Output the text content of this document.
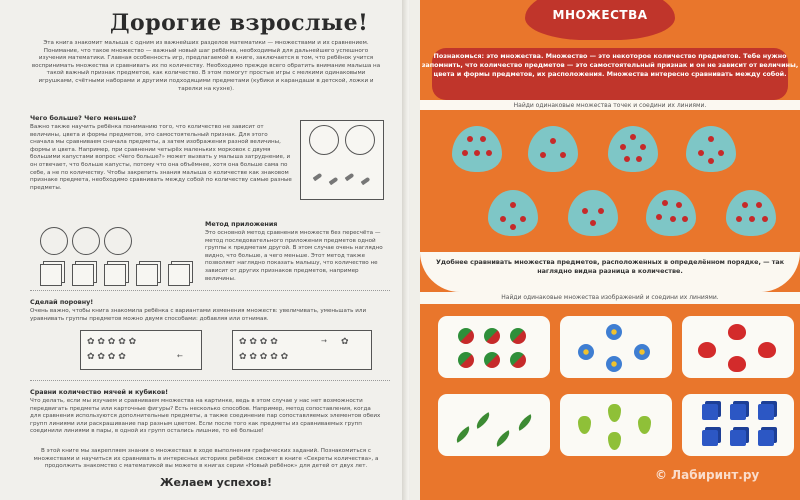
Дорогие взрослые!

Эта книга знакомит малыша с одним из важнейших разделов математики — множествами и их сравнением. Понимание, что такое множество — важный новый шаг ребёнка, необходимый для дальнейшего успешного изучения математики. Главная особенность игр, предлагаемой в книге, заключается в том, что ребёнок учится воспринимать множества и сравнивать их по количеству. Необходимо прежде всего обратить внимание малыша на такой важный признак предметов, как количество. В этом помогут простые игры с мелкими одинаковыми игрушками, счётными наборами и другими подходящими предметами (кубики и карандаши в детской, ложки и тарелки на кухне).

Чего больше? Чего меньше?

Важно также научить ребёнка пониманию того, что количество не зависит от величины, цвета и формы предметов, это самостоятельный признак. Для этого сначала мы сравниваем сначала предметы, а затем изображения разной величины, формы и цвета. Например, при сравнении четырёх маленьких морковок с двумя большими капустами вопрос «Чего больше?» может вызвать у малыша затруднение, и он отвечает, что больше капусты, потому что она объёмнее, хотя она больше сама по себе, а не по количеству. Чтобы закрепить знания малыша о количестве как знаковом признаке предмета, необходимо сравнивать между собой по количеству самые разные предметы.

Метод приложения

Это основной метод сравнения множеств без пересчёта — метод последовательного приложения предметов одной группы к предметам другой. В этом случае очень наглядно видно, что больше, а чего меньше. Этот метод также позволяет наглядно показать малышу, что количество не зависит от других признаков предметов, например величины.

Сделай поровну!

Очень важно, чтобы книга знакомила ребёнка с вариантами изменения множеств: увеличивать, уменьшать или уравнивать группы предметов можно двумя способами: добавляя или отнимая.

✿ ✿ ✿ ✿ ✿
✿ ✿ ✿ ✿	←
✿ ✿ ✿ ✿	→ ✿
✿ ✿ ✿ ✿ ✿

Сравни количество мячей и кубиков!

Что делать, если мы изучаем и сравниваем множества на картинке, ведь в этом случае у нас нет возможности передвигать предметы или карточные фигуры? Есть несколько способов. Например, метод сопоставления, когда для сравнения используются дополнительные предметы, а также соединение пар сопоставляемых элементов обеих групп линиями или раскрашивание пар разным цветом. Если после того как предметы из сравниваемых групп соединили линиями в пары, в одной из групп остались лишние, то её больше!

В этой книге мы закрепляем знания о множествах в ходе выполнения графических заданий. Познакомиться с множествами и научиться их сравнивать в интересных историях ребёнок сможет в книге «Секреты количества», а продолжить знакомство с математикой вы можете в книгах серии «Новый ребёнок» для детей от двух лет.

Желаем успехов!
МНОЖЕСТВА

Познакомься: это множества. Множество — это некоторое количество предметов. Тебе нужно запомнить, что количество предметов — это самостоятельный признак и он не зависит от величины, цвета и формы предметов, их расположения. Множества интересно сравнивать между собой.

Найди одинаковые множества точек и соедини их линиями.

Удобнее сравнивать множества предметов, расположенных в определённом порядке, — так наглядно видна разница в количестве.

Найди одинаковые множества изображений и соедини их линиями.

© Лабиринт.ру
